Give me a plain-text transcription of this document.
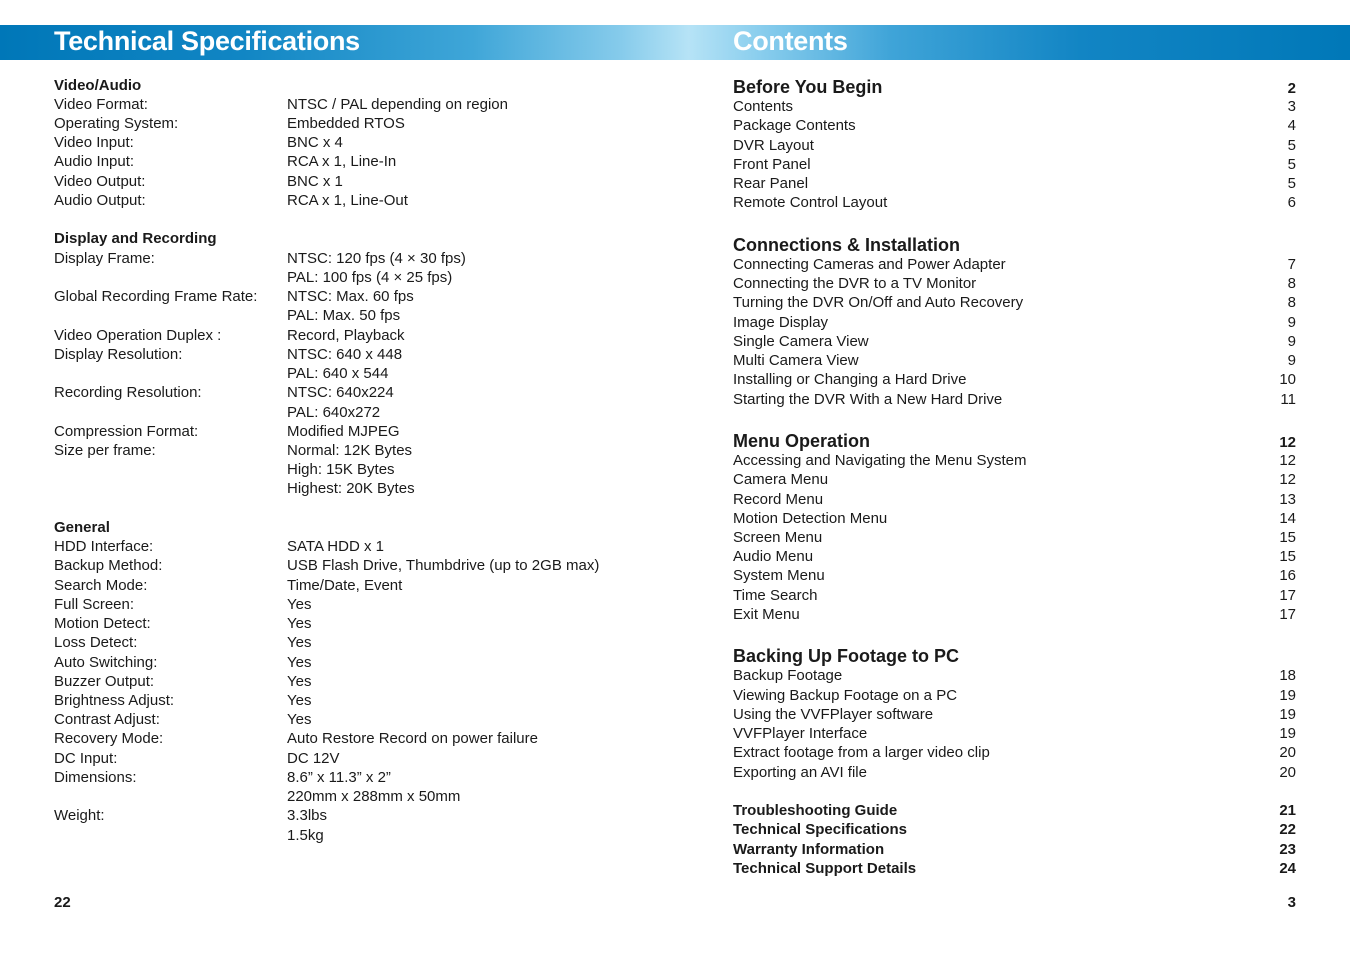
Technical Specifications	Contents
Video/Audio
Video Format:	NTSC / PAL depending on region
Operating System:	Embedded RTOS
Video Input:	BNC x 4
Audio Input:	RCA x 1, Line-In
Video Output:	BNC x 1
Audio Output:	RCA x 1, Line-Out
Display and Recording
Display Frame:	NTSC: 120 fps (4 × 30 fps)
PAL: 100 fps (4 × 25 fps)
Global Recording Frame Rate: NTSC: Max. 60 fps
PAL: Max. 50 fps
Video Operation Duplex :	Record, Playback
Display Resolution:	NTSC: 640 x 448
PAL: 640 x 544
Recording Resolution:	NTSC: 640x224
PAL: 640x272
Compression Format:	Modified MJPEG
Size per frame:	Normal: 12K Bytes
High: 15K Bytes
Highest: 20K Bytes
General
HDD Interface:	SATA HDD x 1
Backup Method:	USB Flash Drive, Thumbdrive (up to 2GB max)
Search Mode:	Time/Date, Event
Full Screen:	Yes
Motion Detect:	Yes
Loss Detect:	Yes
Auto Switching:	Yes
Buzzer Output:	Yes
Brightness Adjust:	Yes
Contrast Adjust:	Yes
Recovery Mode:	Auto Restore Record on power failure
DC Input:	DC 12V
Dimensions:	8.6” x 11.3” x 2”
220mm x 288mm x 50mm
Weight:	3.3lbs
1.5kg
22
Before You Begin	2
Contents	3
Package Contents	4
DVR Layout	5
Front Panel	5
Rear Panel	5
Remote Control Layout	6
Connections & Installation
Connecting Cameras and Power Adapter	7
Connecting the DVR to a TV Monitor	8
Turning the DVR On/Off and Auto Recovery	8
Image Display	9
Single Camera View	9
Multi Camera View	9
Installing or Changing a Hard Drive	10
Starting the DVR With a New Hard Drive	11
Menu Operation	12
Accessing and Navigating the Menu System	12
Camera Menu	12
Record Menu	13
Motion Detection Menu	14
Screen Menu	15
Audio Menu	15
System Menu	16
Time Search	17
Exit Menu	17
Backing Up Footage to PC
Backup Footage	18
Viewing Backup Footage on a PC	19
Using the VVFPlayer software	19
VVFPlayer Interface	19
Extract footage from a larger video clip	20
Exporting an AVI file	20
Troubleshooting Guide	21
Technical Specifications	22
Warranty Information	23
Technical Support Details	24
3
